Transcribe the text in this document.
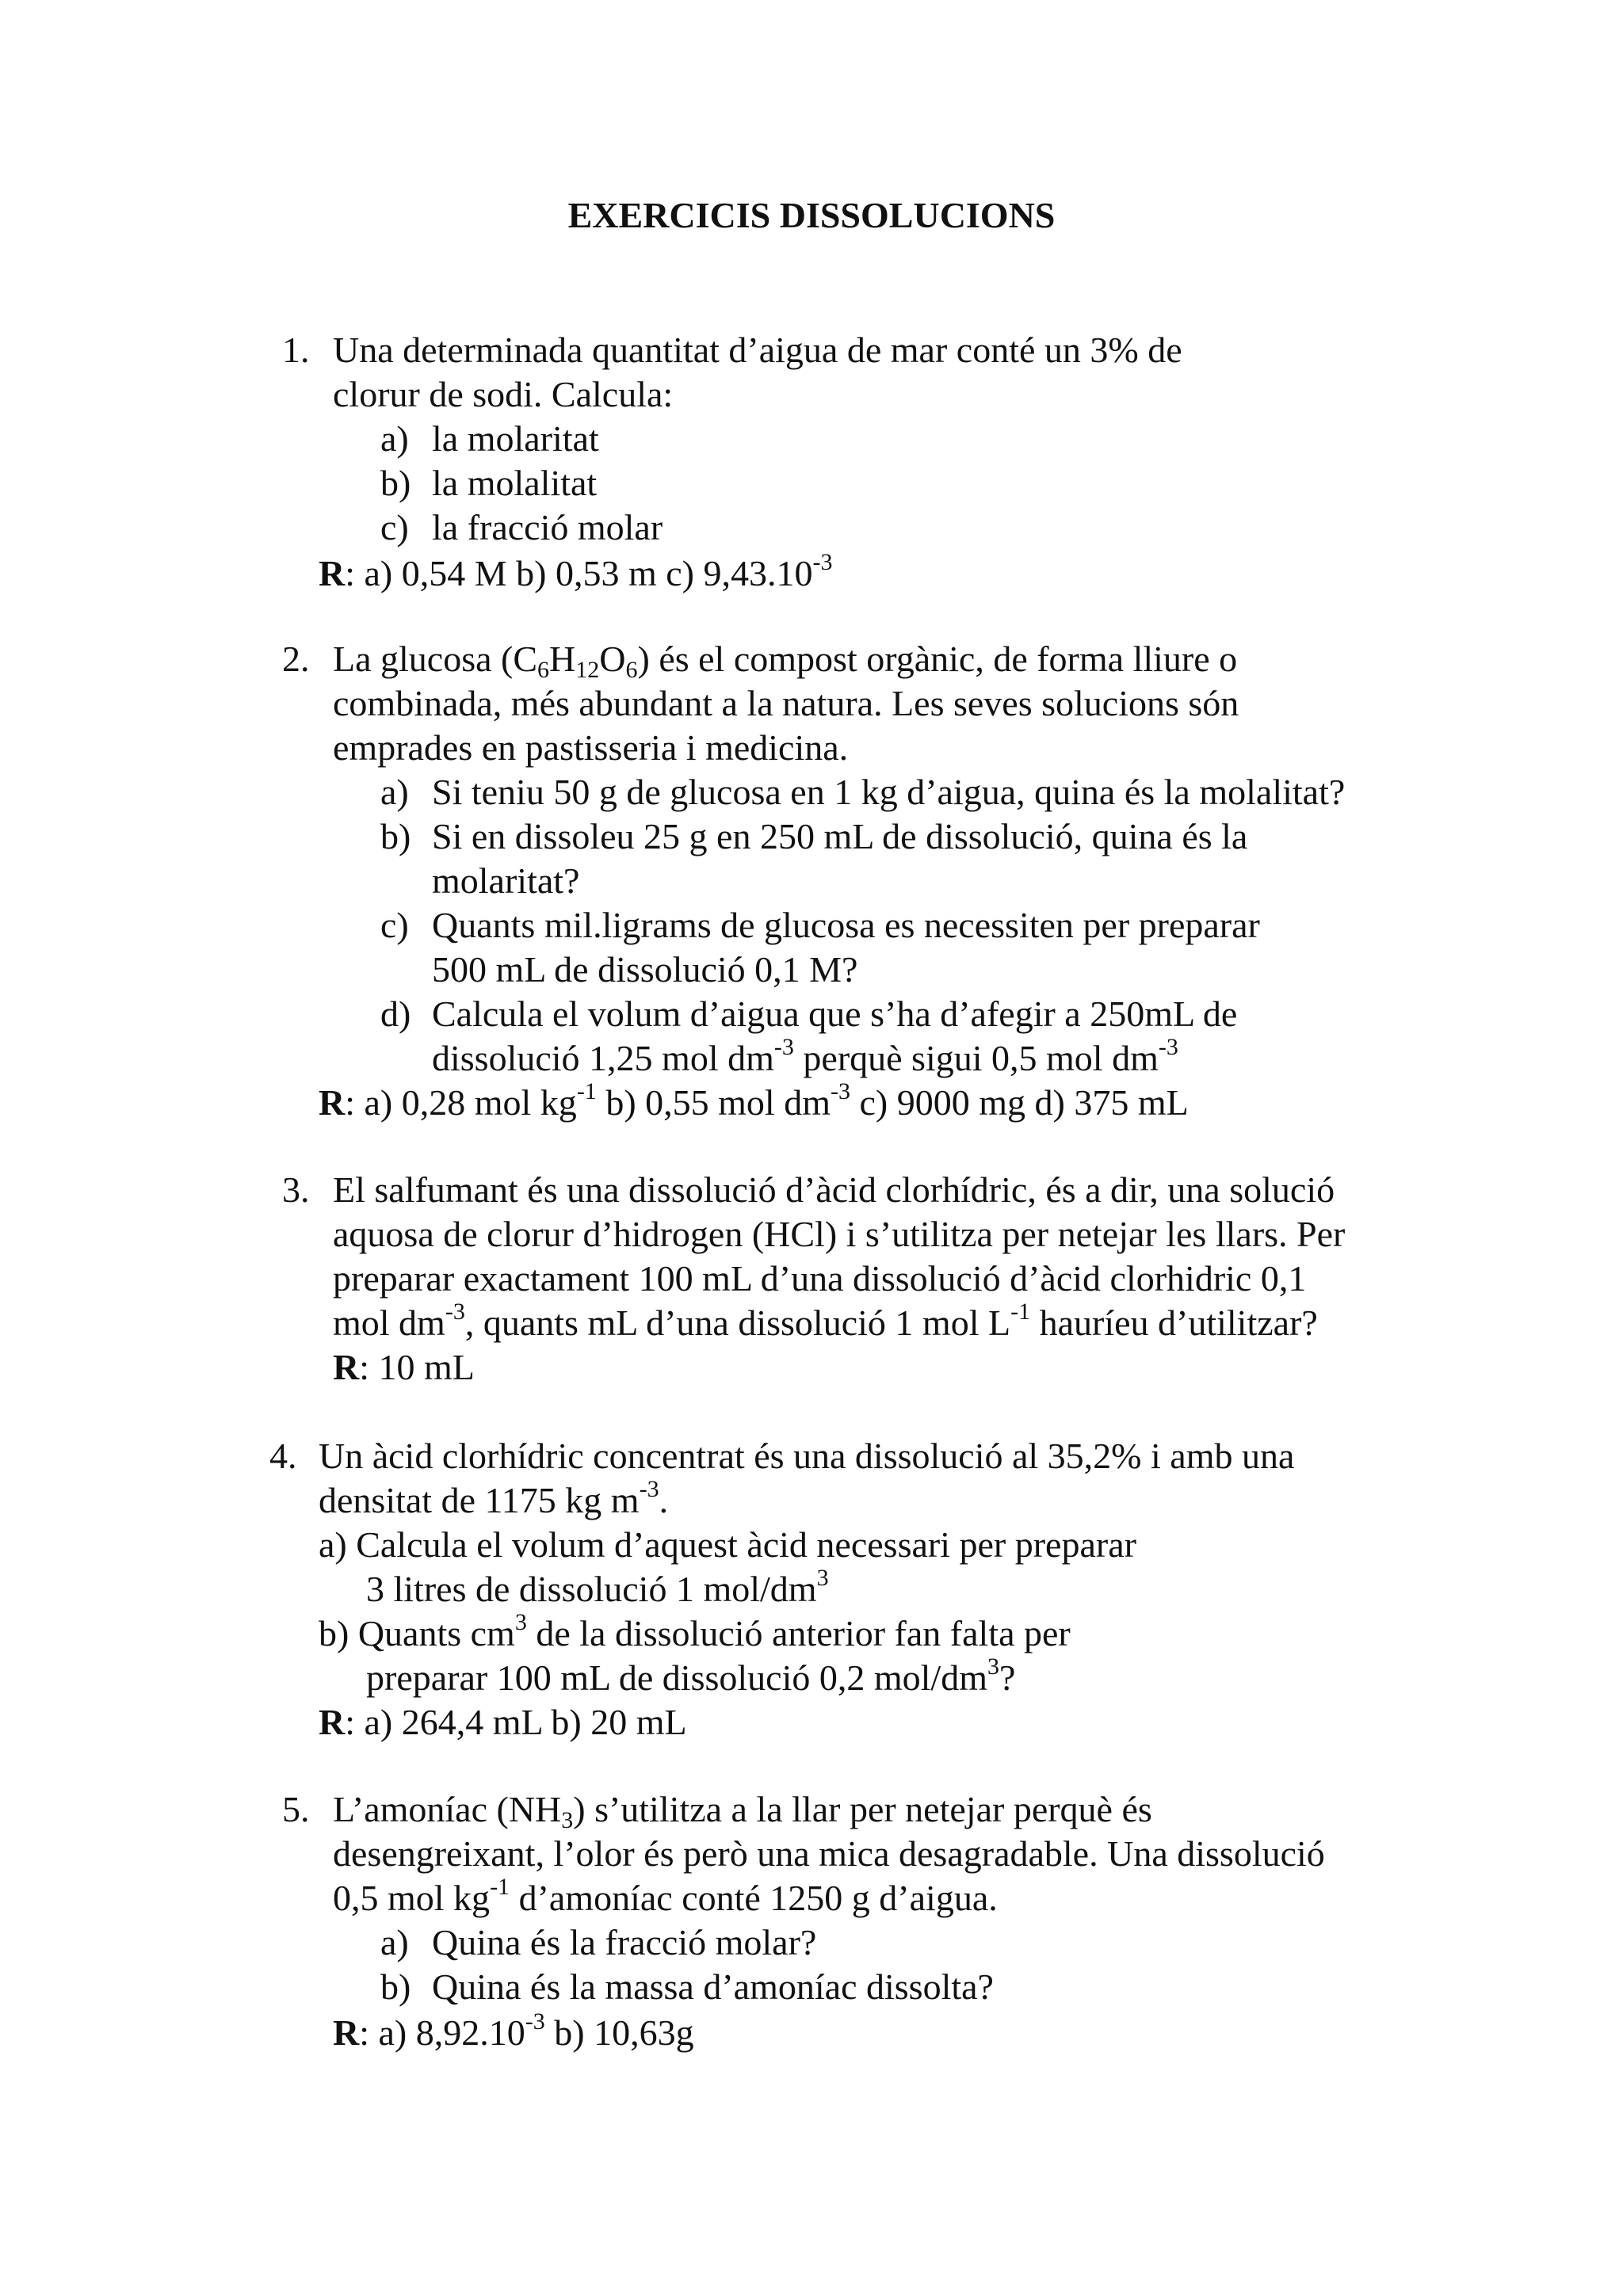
EXERCICIS DISSOLUCIONS
1. Una determinada quantitat d’aigua de mar conté un 3% de
clorur de sodi. Calcula:
a) la molaritat
b) la molalitat
c) la fracció molar
R: a) 0,54 M b) 0,53 m c) $9,43.10^{-3}$
2. La glucosa $(C_6H_{12}O_6)$ és el compost orgànic, de forma lliure o
combinada, més abundant a la natura. Les seves solucions són
emprades en pastisseria i medicina.
a) Si teniu 50 g de glucosa en 1 kg d’aigua, quina és la molalitat?
b) Si en dissoleu 25 g en 250 mL de dissolució, quina és la
molaritat?
c) Quants mil.ligrams de glucosa es necessiten per preparar
500 mL de dissolució 0,1 M?
d) Calcula el volum d’aigua que s’ha d’afegir a 250mL de
dissolució 1,25 mol $dm^{-3}$ perquè sigui 0,5 mol $dm^{-3}$
R: a) 0,28 mol $kg^{-1}$ b) 0,55 mol $dm^{-3}$ c) 9000 mg d) 375 mL
3. El salfumant és una dissolució d’àcid clorhídric, és a dir, una solució
aquosa de clorur d’hidrogen (HCl) i s’utilitza per netejar les llars. Per
preparar exactament 100 mL d’una dissolució d’àcid clorhidric 0,1
mol $dm^{-3}$, quants mL d’una dissolució 1 mol $L^{-1}$ hauríeu d’utilitzar?
R: 10 mL
4. Un àcid clorhídric concentrat és una dissolució al 35,2% i amb una
densitat de 1175 kg $m^{-3}$.
a) Calcula el volum d’aquest àcid necessari per preparar
3 litres de dissolució 1 mol/$dm^3$
b) Quants $cm^3$ de la dissolució anterior fan falta per
preparar 100 mL de dissolució 0,2 mol/$dm^3$?
R: a) 264,4 mL b) 20 mL
5. L’amoníac $(NH_3)$ s’utilitza a la llar per netejar perquè és
desengreixant, l’olor és però una mica desagradable. Una dissolució
0,5 mol $kg^{-1}$ d’amoníac conté 1250 g d’aigua.
a) Quina és la fracció molar?
b) Quina és la massa d’amoníac dissolta?
R: a) $8,92.10^{-3}$ b) 10,63g
